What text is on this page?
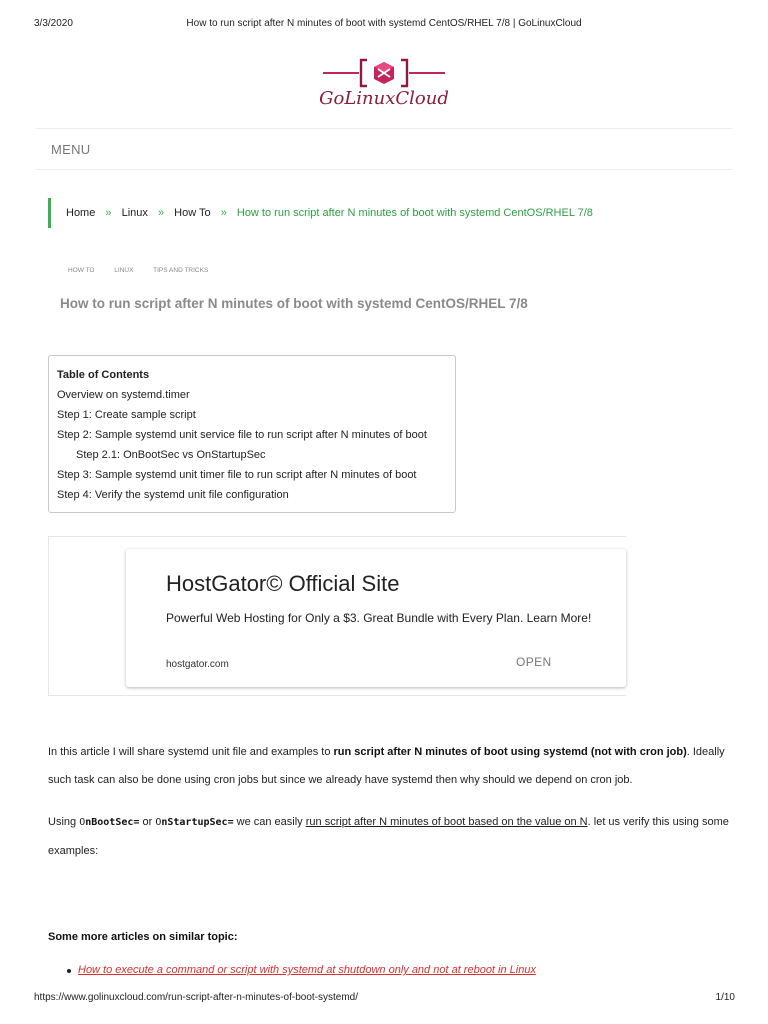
3/3/2020	How to run script after N minutes of boot with systemd CentOS/RHEL 7/8 | GoLinuxCloud
GoLinuxCloud
MENU
Home » Linux » How To » How to run script after N minutes of boot with systemd CentOS/RHEL 7/8
HOW TO	LINUX	TIPS AND TRICKS
How to run script after N minutes of boot with systemd CentOS/RHEL 7/8
Table of Contents
Overview on systemd.timer
Step 1: Create sample script
Step 2: Sample systemd unit service file to run script after N minutes of boot
Step 2.1: OnBootSec vs OnStartupSec
Step 3: Sample systemd unit timer file to run script after N minutes of boot
Step 4: Verify the systemd unit file configuration
HostGator© Official Site
Powerful Web Hosting for Only a $3. Great Bundle with Every Plan. Learn More!
hostgator.com	OPEN

In this article I will share systemd unit file and examples to run script after N minutes of boot using systemd (not with cron job). Ideally such task can also be done using cron jobs but since we already have systemd then why should we depend on cron job.

Using OnBootSec= or OnStartupSec= we can easily run script after N minutes of boot based on the value on N. let us verify this using some examples:

Some more articles on similar topic:
How to execute a command or script with systemd at shutdown only and not at reboot in Linux
https://www.golinuxcloud.com/run-script-after-n-minutes-of-boot-systemd/	1/10
